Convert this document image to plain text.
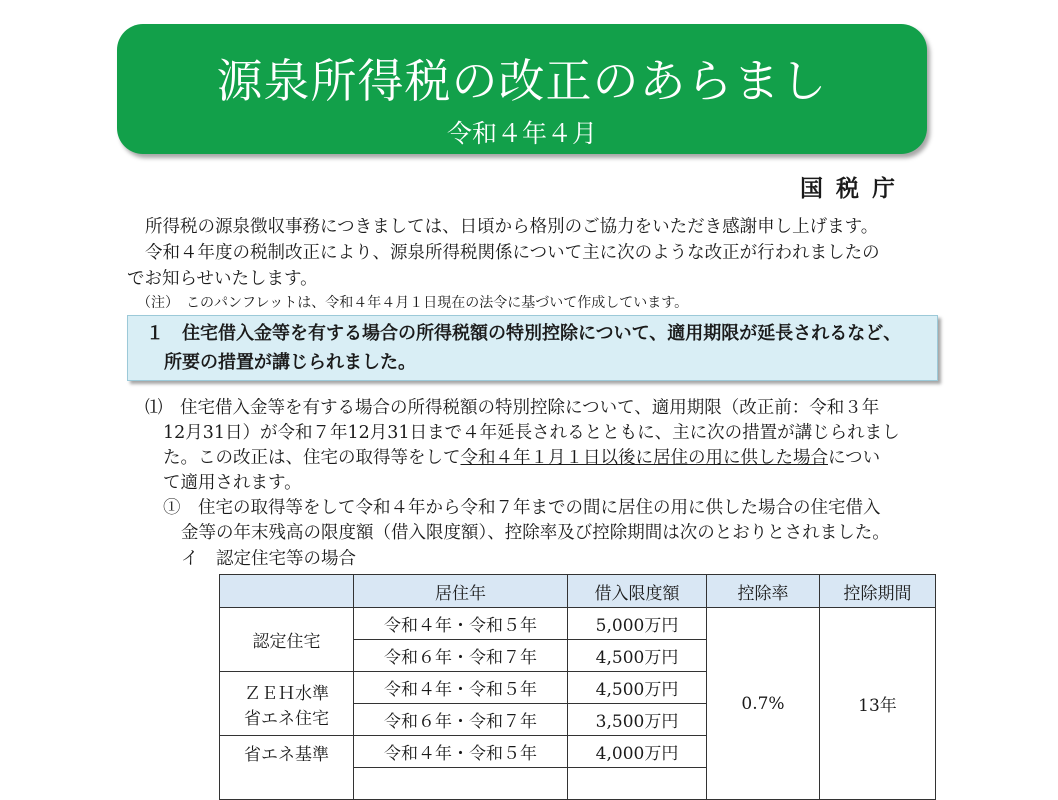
源泉所得税の改正のあらまし
令和４年４月
国税庁
所得税の源泉徴収事務につきましては、日頃から格別のご協力をいただき感謝申し上げます。
令和４年度の税制改正により、源泉所得税関係について主に次のような改正が行われましたの
でお知らせいたします。
（注）　このパンフレットは、令和４年４月１日現在の法令に基づいて作成しています。
１　住宅借入金等を有する場合の所得税額の特別控除について、適用期限が延長されるなど、
所要の措置が講じられました。
⑴　住宅借入金等を有する場合の所得税額の特別控除について、適用期限（改正前：令和３年
12月31日）が令和７年12月31日まで４年延長されるとともに、主に次の措置が講じられまし
た。この改正は、住宅の取得等をして令和４年１月１日以後に居住の用に供した場合につい
て適用されます。
①　住宅の取得等をして令和４年から令和７年までの間に居住の用に供した場合の住宅借入
金等の年末残高の限度額（借入限度額）、控除率及び控除期間は次のとおりとされました。
イ　認定住宅等の場合
	居住年	借入限度額	控除率	控除期間
認定住宅	令和４年・令和５年	5,000万円	0.7%	13年
	令和６年・令和７年	4,500万円		
ＺＥＨ水準
省エネ住宅	令和４年・令和５年	4,500万円		
	令和６年・令和７年	3,500万円		
省エネ基準	令和４年・令和５年	4,000万円		
